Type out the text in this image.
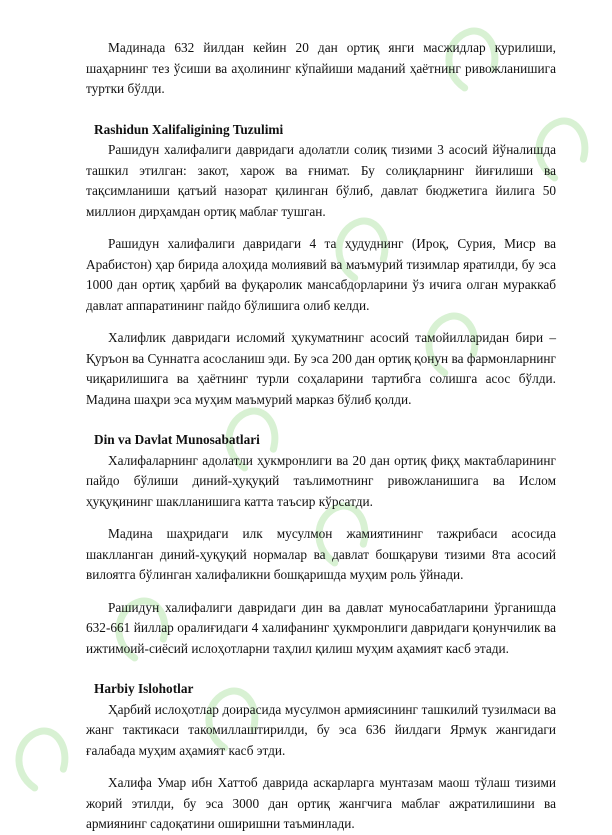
Мадинада 632 йилдан кейин 20 дан ортиқ янги масжидлар қурилиши, шаҳарнинг тез ўсиши ва аҳолининг кўпайиши маданий ҳаётнинг ривожланишига туртки бўлди.

Rashidun Xalifaligining Tuzulimi

Рашидун халифалиги давридаги адолатли солиқ тизими 3 асосий йўналишда ташкил этилган: закот, харож ва ғнимат. Бу солиқларнинг йиғилиши ва тақсимланиши қатъий назорат қилинган бўлиб, давлат бюджетига йилига 50 миллион дирҳамдан ортиқ маблағ тушган.

Рашидун халифалиги давридаги 4 та ҳудуднинг (Ироқ, Сурия, Миср ва Арабистон) ҳар бирида алоҳида молиявий ва маъмурий тизимлар яратилди, бу эса 1000 дан ортиқ ҳарбий ва фуқаролик мансабдорларини ўз ичига олган мураккаб давлат аппаратининг пайдо бўлишига олиб келди.

Халифлик давридаги исломий ҳукуматнинг асосий тамойилларидан бири – Қуръон ва Суннатга асосланиш эди. Бу эса 200 дан ортиқ қонун ва фармонларнинг чиқарилишига ва ҳаётнинг турли соҳаларини тартибга солишга асос бўлди. Мадина шаҳри эса муҳим маъмурий марказ бўлиб қолди.

Din va Davlat Munosabatlari

Халифаларнинг адолатли ҳукмронлиги ва 20 дан ортиқ фиқҳ мактабларининг пайдо бўлиши диний-ҳуқуқий таълимотнинг ривожланишига ва Ислом ҳуқуқининг шаклланишига катта таъсир кўрсатди.

Мадина шаҳридаги илк мусулмон жамиятининг тажрибаси асосида шаклланган диний-ҳуқуқий нормалар ва давлат бошқаруви тизими 8та асосий вилоятга бўлинган халифаликни бошқаришда муҳим роль ўйнади.

Рашидун халифалиги давридаги дин ва давлат муносабатларини ўрганишда 632-661 йиллар оралиғидаги 4 халифанинг ҳукмронлиги давридаги қонунчилик ва ижтимоий-сиёсий ислоҳотларни таҳлил қилиш муҳим аҳамият касб этади.

Harbiy Islohotlar

Ҳарбий ислоҳотлар доирасида мусулмон армиясининг ташкилий тузилмаси ва жанг тактикаси такомиллаштирилди, бу эса 636 йилдаги Ярмук жангидаги ғалабада муҳим аҳамият касб этди.

Халифа Умар ибн Хаттоб даврида аскарларга мунтазам маош тўлаш тизими жорий этилди, бу эса 3000 дан ортиқ жангчига маблағ ажратилишини ва армиянинг садоқатини оширишни таъминлади.
